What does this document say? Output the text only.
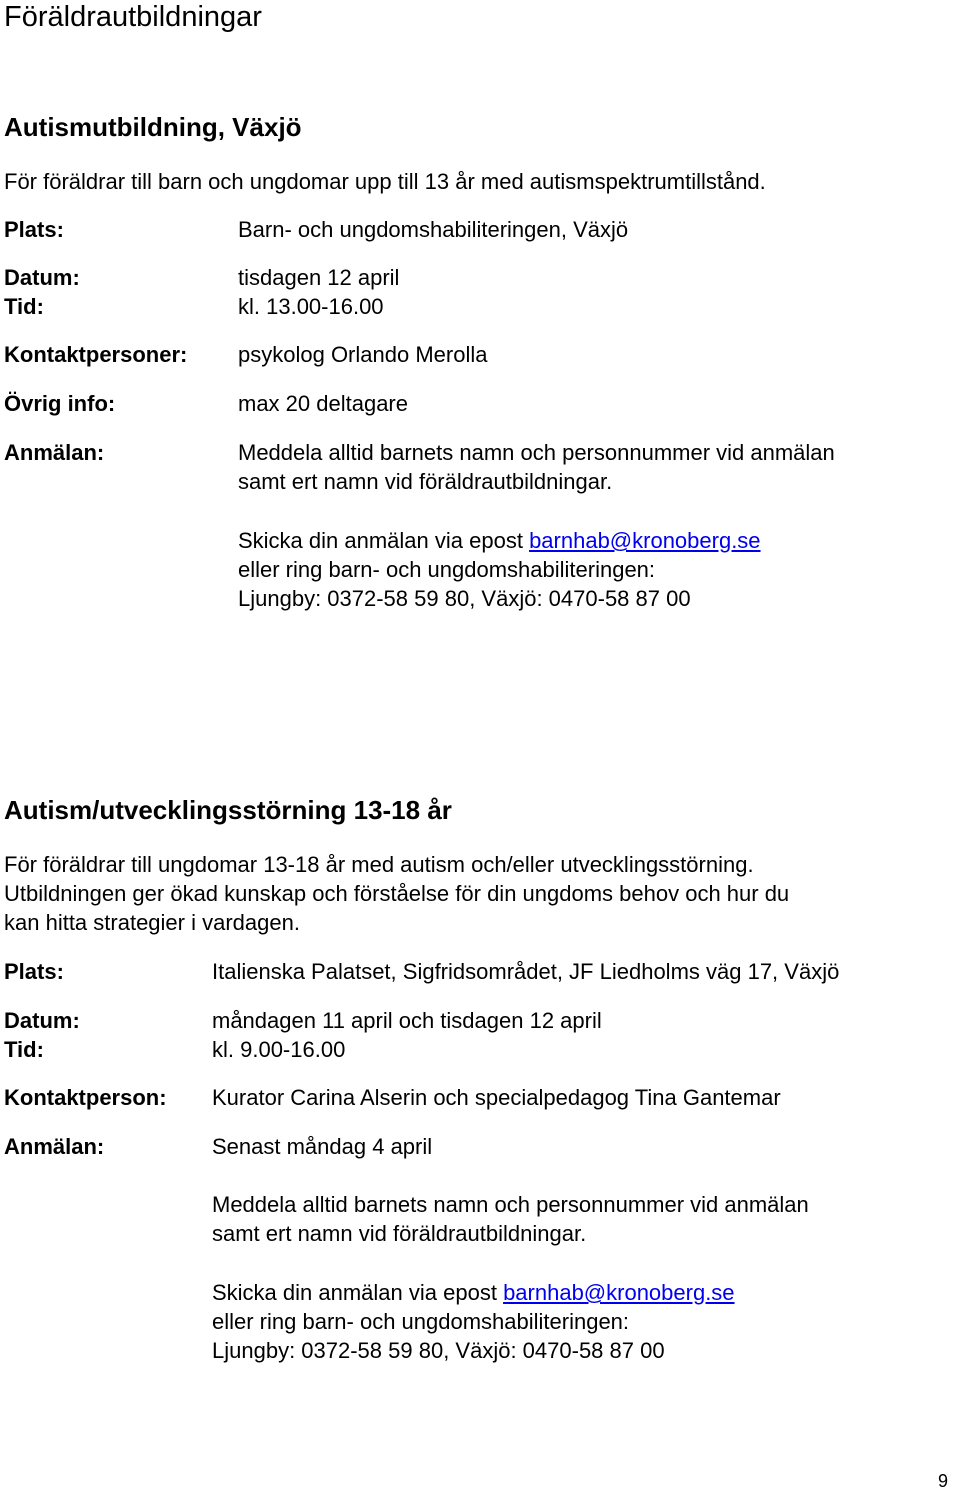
Föräldrautbildningar
Autismutbildning, Växjö
För föräldrar till barn och ungdomar upp till 13 år med autismspektrumtillstånd.
Plats:	Barn- och ungdomshabiliteringen, Växjö
Datum:	tisdagen 12 april
Tid:	kl. 13.00-16.00
Kontaktpersoner: psykolog Orlando Merolla
Övrig info:	max 20 deltagare
Anmälan:	Meddela alltid barnets namn och personnummer vid anmälan
samt ert namn vid föräldrautbildningar.
Skicka din anmälan via epost barnhab@kronoberg.se
eller ring barn- och ungdomshabiliteringen:
Ljungby: 0372-58 59 80, Växjö: 0470-58 87 00
Autism/utvecklingsstörning 13-18 år
För föräldrar till ungdomar 13-18 år med autism och/eller utvecklingsstörning.
Utbildningen ger ökad kunskap och förståelse för din ungdoms behov och hur du
kan hitta strategier i vardagen.
Plats:	Italienska Palatset, Sigfridsområdet, JF Liedholms väg 17, Växjö
Datum:	måndagen 11 april och tisdagen 12 april
Tid:	kl. 9.00-16.00
Kontaktperson: Kurator Carina Alserin och specialpedagog Tina Gantemar
Anmälan:	Senast måndag 4 april
Meddela alltid barnets namn och personnummer vid anmälan
samt ert namn vid föräldrautbildningar.
Skicka din anmälan via epost barnhab@kronoberg.se
eller ring barn- och ungdomshabiliteringen:
Ljungby: 0372-58 59 80, Växjö: 0470-58 87 00
9
